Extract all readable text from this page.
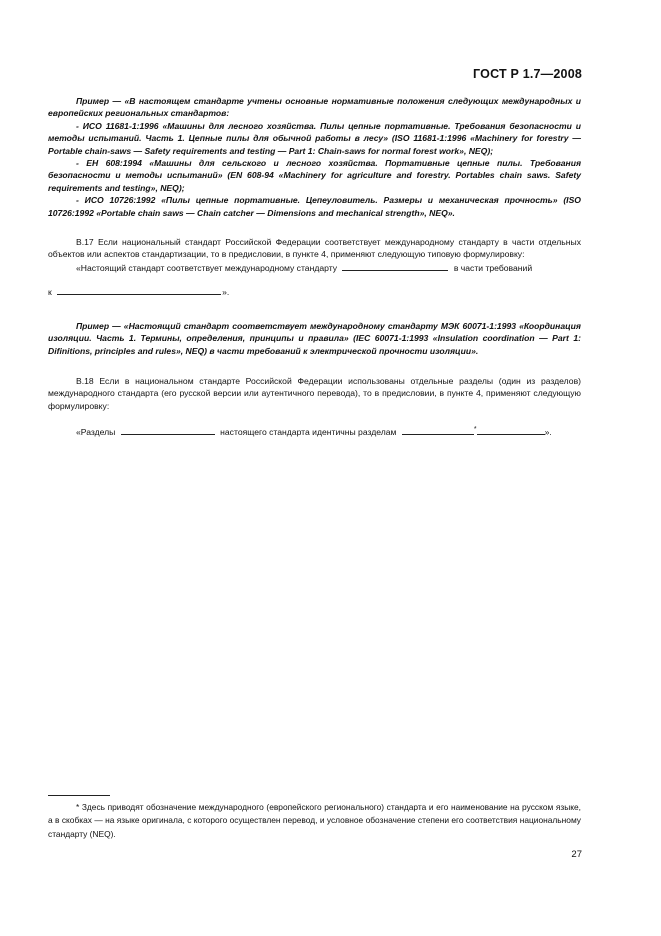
ГОСТ Р 1.7—2008

Пример — «В настоящем стандарте учтены основные нормативные положения следующих международных и европейских региональных стандартов:

- ИСО 11681-1:1996 «Машины для лесного хозяйства. Пилы цепные портативные. Требования безопасности и методы испытаний. Часть 1. Цепные пилы для обычной работы в лесу» (ISO 11681-1:1996 «Machinery for forestry — Portable chain-saws — Safety requirements and testing — Part 1: Chain-saws for normal forest work», NEQ);

- ЕН 608:1994 «Машины для сельского и лесного хозяйства. Портативные цепные пилы. Требования безопасности и методы испытаний» (EN 608-94 «Machinery for agriculture and forestry. Portables chain saws. Safety requirements and testing», NEQ);

- ИСО 10726:1992 «Пилы цепные портативные. Цепеуловитель. Размеры и механическая прочность» (ISO 10726:1992 «Portable chain saws — Chain catcher — Dimensions and mechanical strength», NEQ».

В.17 Если национальный стандарт Российской Федерации соответствует международному стандарту в части отдельных объектов или аспектов стандартизации, то в предисловии, в пункте 4, применяют следующую типовую формулировку:

«Настоящий стандарт соответствует международному стандарту	в части требований

к	».

Пример — «Настоящий стандарт соответствует международному стандарту МЭК 60071-1:1993 «Координация изоляции. Часть 1. Термины, определения, принципы и правила» (IEC 60071-1:1993 «Insulation coordination — Part 1: Difinitions, principles and rules», NEQ) в части требований к электрической прочности изоляции».

В.18 Если в национальном стандарте Российской Федерации использованы отдельные разделы (один из разделов) международного стандарта (его русской версии или аутентичного перевода), то в предисловии, в пункте 4, применяют следующую формулировку:

«Разделы	настоящего стандарта идентичны разделам	*	».

* Здесь приводят обозначение международного (европейского регионального) стандарта и его наименование на русском языке, а в скобках — на языке оригинала, с которого осуществлен перевод, и условное обозначение степени его соответствия национальному стандарту (NEQ).

27
